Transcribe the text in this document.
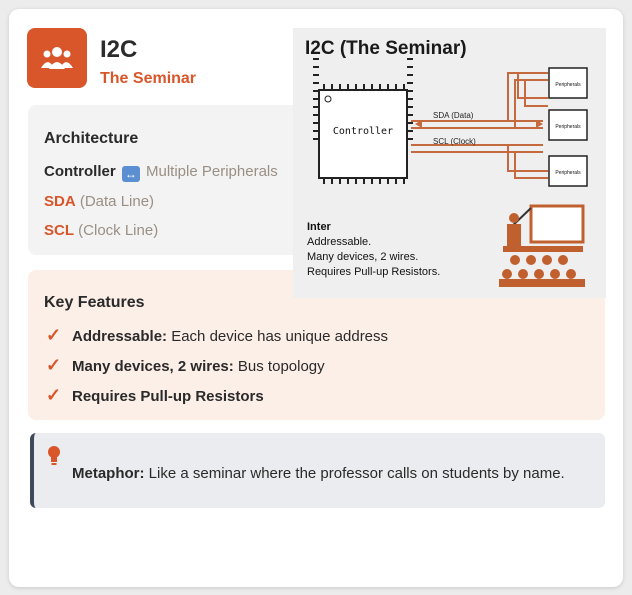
I2C
The Seminar
Architecture
Controller ↔ Multiple Peripherals
SDA (Data Line)
SCL (Clock Line)
Key Features
✓ Addressable: Each device has unique address
✓ Many devices, 2 wires: Bus topology
✓ Requires Pull-up Resistors
Metaphor: Like a seminar where the professor calls on students by name.
I2C (The Seminar)
Controller
SDA (Data)
SCL (Clock)
Peripherals
Peripherals
Peripherals
Inter
Addressable.
Many devices, 2 wires.
Requires Pull-up Resistors.
